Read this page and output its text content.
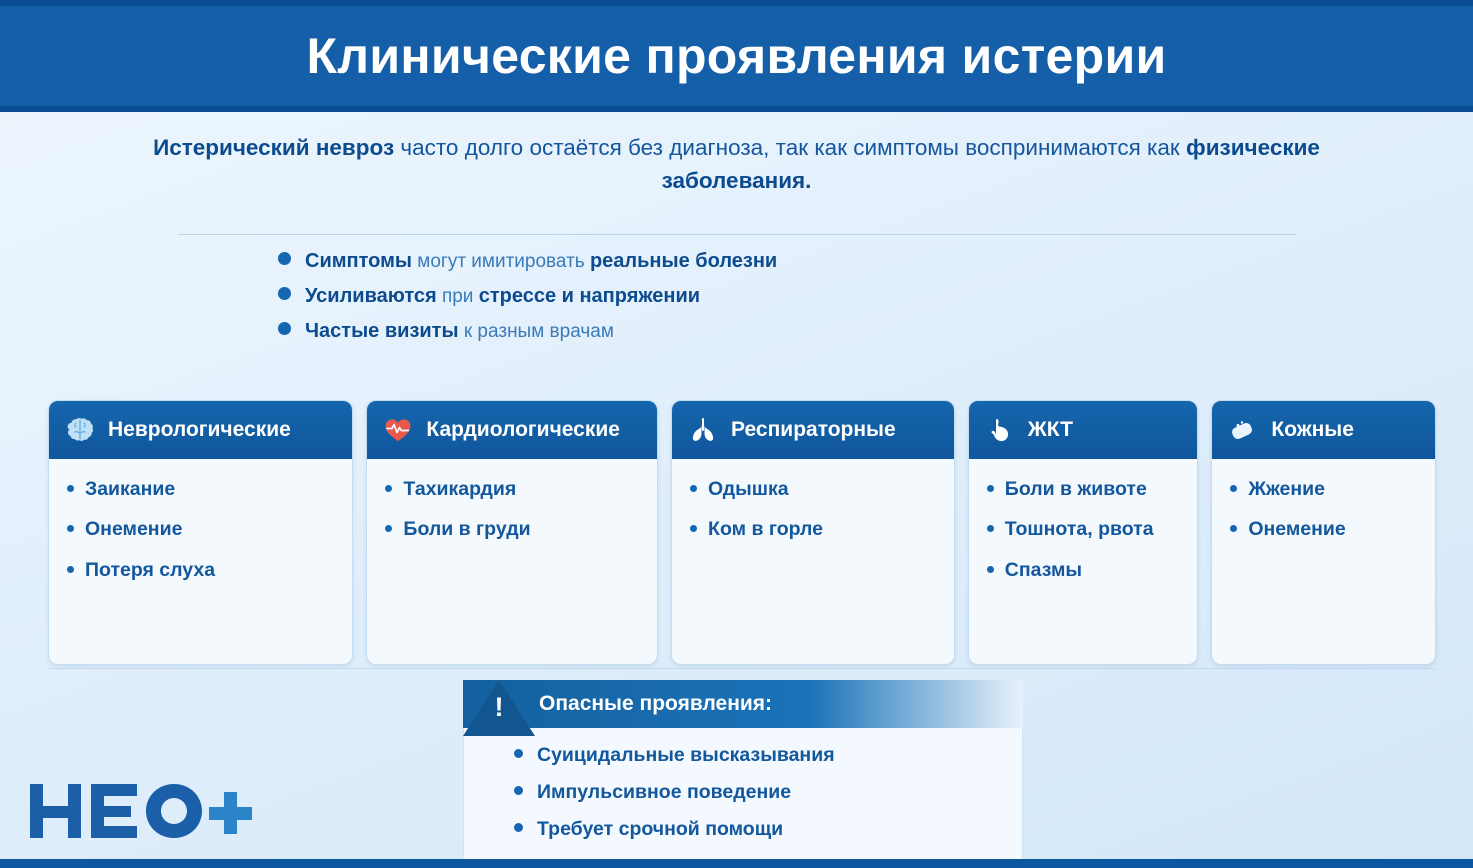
Клинические проявления истерии
Истерический невроз часто долго остаётся без диагноза, так как симптомы воспринимаются как физические заболевания.
Симптомы могут имитировать реальные болезни
Усиливаются при стрессе и напряжении
Частые визиты к разным врачам
Неврологические
Заикание
Онемение
Потеря слуха
Кардиологические
Тахикардия
Боли в груди
Респираторные
Одышка
Ком в горле
ЖКТ
Боли в животе
Тошнота, рвота
Спазмы
Кожные
Жжение
Онемение
!	Опасные проявления:
Суицидальные высказывания
Импульсивное поведение
Требует срочной помощи
